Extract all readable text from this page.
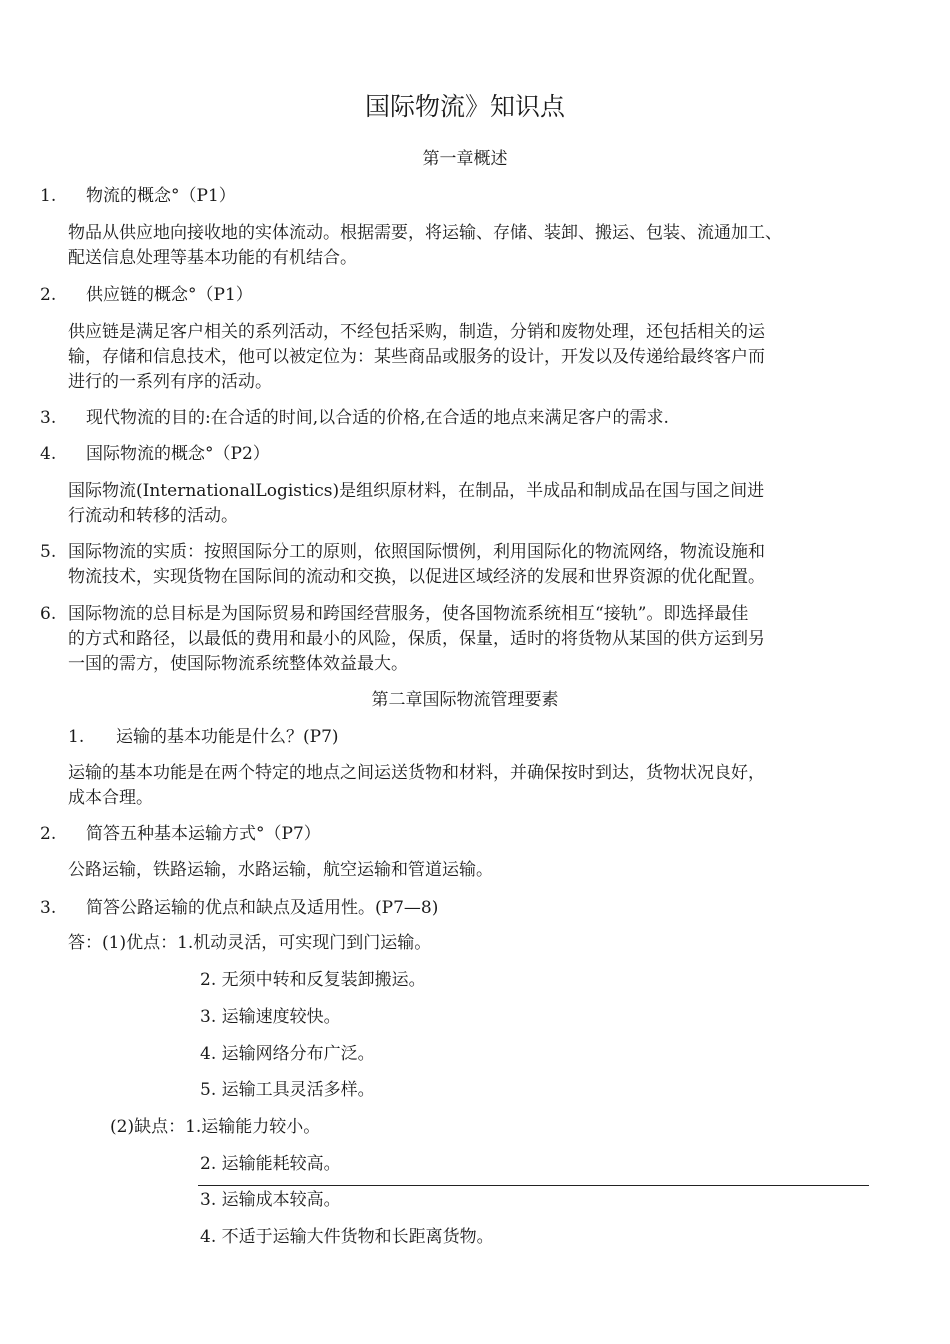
国际物流》知识点
第一章概述
1. 物流的概念°（P1）
物品从供应地向接收地的实体流动。根据需要，将运输、存储、装卸、搬运、包装、流通加工、
配送信息处理等基本功能的有机结合。
2. 供应链的概念°（P1）
供应链是满足客户相关的系列活动，不经包括采购，制造，分销和废物处理，还包括相关的运
输，存储和信息技术，他可以被定位为：某些商品或服务的设计，开发以及传递给最终客户而
进行的一系列有序的活动。
3. 现代物流的目的:在合适的时间,以合适的价格,在合适的地点来满足客户的需求.
4. 国际物流的概念°（P2）
国际物流(InternationalLogistics)是组织原材料，在制品，半成品和制成品在国与国之间进
行流动和转移的活动。
5. 国际物流的实质：按照国际分工的原则，依照国际惯例，利用国际化的物流网络，物流设施和
物流技术，实现货物在国际间的流动和交换，以促进区域经济的发展和世界资源的优化配置。
6. 国际物流的总目标是为国际贸易和跨国经营服务，使各国物流系统相互“接轨”。即选择最佳
的方式和路径，以最低的费用和最小的风险，保质，保量，适时的将货物从某国的供方运到另
一国的需方，使国际物流系统整体效益最大。
第二章国际物流管理要素
1. 运输的基本功能是什么？(P7)
运输的基本功能是在两个特定的地点之间运送货物和材料，并确保按时到达，货物状况良好，
成本合理。
2. 简答五种基本运输方式°（P7）
公路运输，铁路运输，水路运输，航空运输和管道运输。
3. 简答公路运输的优点和缺点及适用性。(P7—8)
答：(1)优点：1.机动灵活，可实现门到门运输。
2. 无须中转和反复装卸搬运。
3. 运输速度较快。
4. 运输网络分布广泛。
5. 运输工具灵活多样。
(2)缺点：1.运输能力较小。
2. 运输能耗较高。
3. 运输成本较高。
4. 不适于运输大件货物和长距离货物。
